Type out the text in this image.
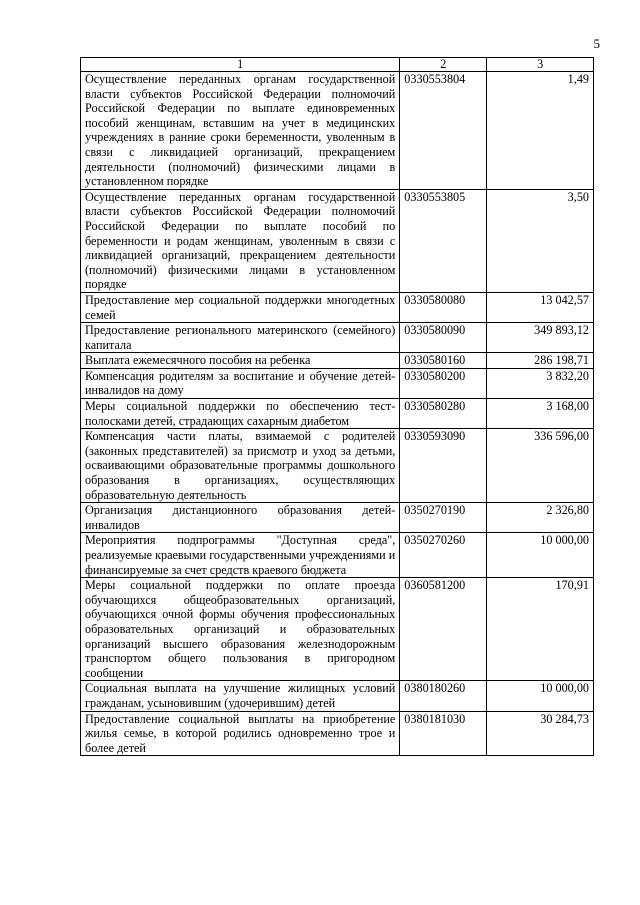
5
1	2	3
Осуществление переданных органам государственной власти субъектов Российской Федерации полномочий Российской Федерации по выплате единовременных пособий женщинам, вставшим на учет в медицинских учреждениях в ранние сроки беременности, уволенным в связи с ликвидацией организаций, прекращением деятельности (полномочий) физическими лицами в установленном порядке	0330553804	1,49
Осуществление переданных органам государственной власти субъектов Российской Федерации полномочий Российской Федерации по выплате пособий по беременности и родам женщинам, уволенным в связи с ликвидацией организаций, прекращением деятельности (полномочий) физическими лицами в установленном порядке	0330553805	3,50
Предоставление мер социальной поддержки многодетных семей	0330580080	13 042,57
Предоставление регионального материнского (семейного) капитала	0330580090	349 893,12
Выплата ежемесячного пособия на ребенка	0330580160	286 198,71
Компенсация родителям за воспитание и обучение детей-инвалидов на дому	0330580200	3 832,20
Меры социальной поддержки по обеспечению тест-полосками детей, страдающих сахарным диабетом	0330580280	3 168,00
Компенсация части платы, взимаемой с родителей (законных представителей) за присмотр и уход за детьми, осваивающими образовательные программы дошкольного образования в организациях, осуществляющих образовательную деятельность	0330593090	336 596,00
Организация дистанционного образования детей-инвалидов	0350270190	2 326,80
Мероприятия подпрограммы "Доступная среда", реализуемые краевыми государственными учреждениями и финансируемые за счет средств краевого бюджета	0350270260	10 000,00
Меры социальной поддержки по оплате проезда обучающихся общеобразовательных организаций, обучающихся очной формы обучения профессиональных образовательных организаций и образовательных организаций высшего образования железнодорожным транспортом общего пользования в пригородном сообщении	0360581200	170,91
Социальная выплата на улучшение жилищных условий гражданам, усыновившим (удочерившим) детей	0380180260	10 000,00
Предоставление социальной выплаты на приобретение жилья семье, в которой родились одновременно трое и более детей	0380181030	30 284,73
